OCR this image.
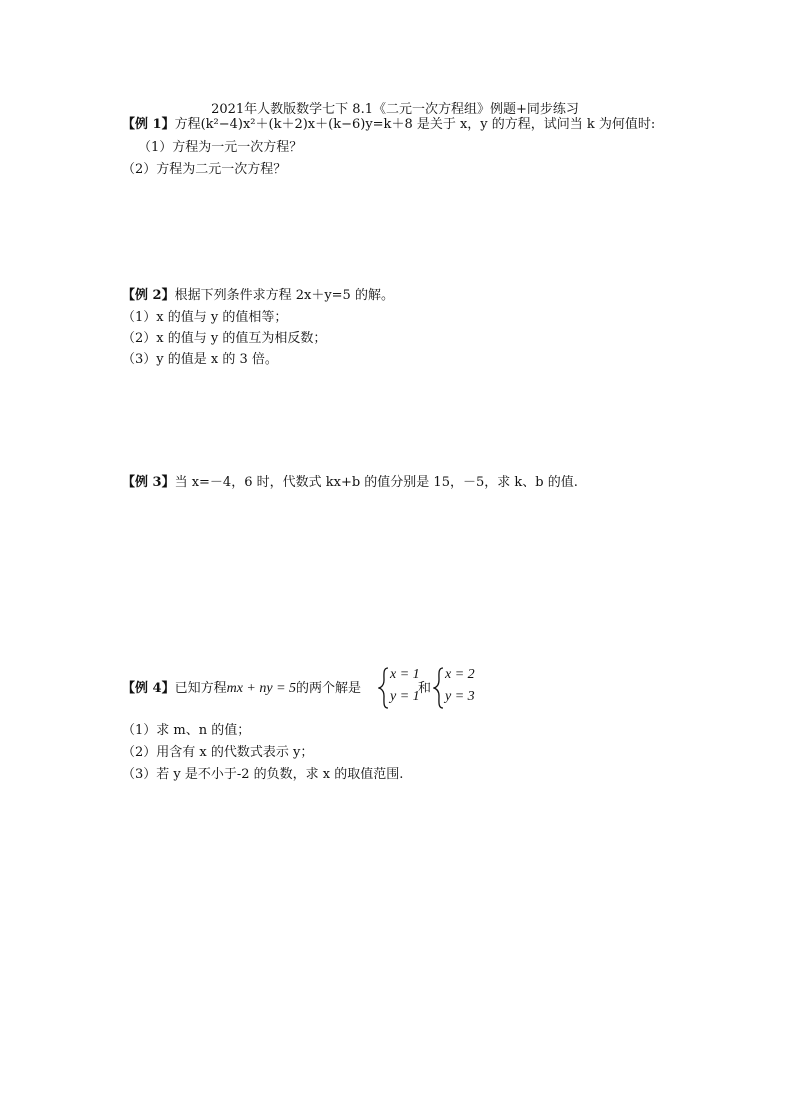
2021年人教版数学七下 8.1《二元一次方程组》例题+同步练习
【例 1】方程(k²−4)x²＋(k＋2)x＋(k−6)y=k＋8 是关于 x，y 的方程，试问当 k 为何值时:
（1）方程为一元一次方程？
（2）方程为二元一次方程？
【例 2】根据下列条件求方程 2x＋y=5 的解。
（1）x 的值与 y 的值相等；
（2）x 的值与 y 的值互为相反数；
（3）y 的值是 x 的 3 倍。
【例 3】当 x=－4，6 时，代数式 kx+b 的值分别是 15，－5，求 k、b 的值.
【例 4】已知方程mx + ny = 5的两个解是
x = 1
y = 1
和
x = 2
y = 3
（1）求 m、n 的值；
（2）用含有 x 的代数式表示 y；
（3）若 y 是不小于-2 的负数，求 x 的取值范围.
